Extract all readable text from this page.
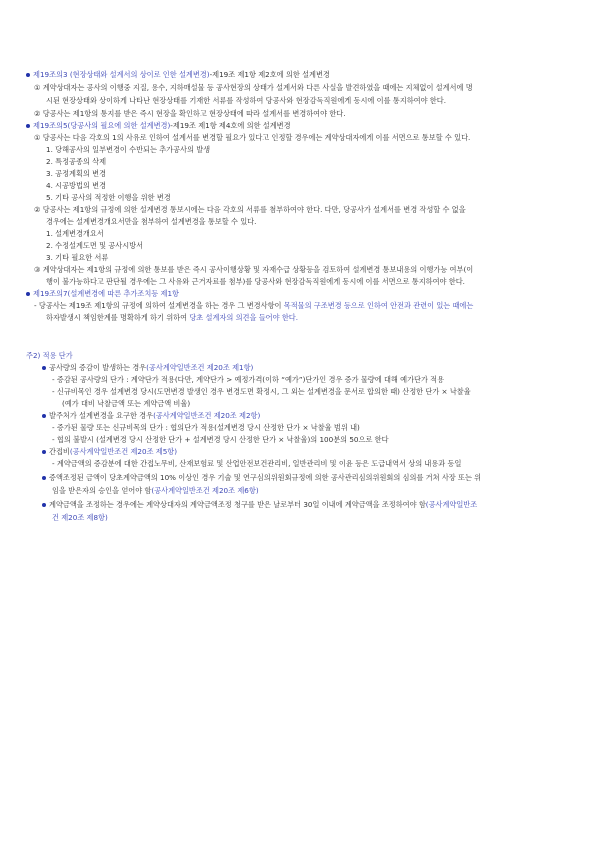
제19조의3 (현장상태와 설계서의 상이로 인한 설계변경)-제19조 제1항 제2호에 의한 설계변경
① 계약상대자는 공사의 이행중 지질, 용수, 지하매설물 등 공사현장의 상태가 설계서와 다른 사실을 발견하였을 때에는 지체없이 설계서에 명
시된 현장상태와 상이하게 나타난 현장상태를 기재한 서류를 작성하여 당공사와 현장감독직원에게 동시에 이를 통지하여야 한다.
② 당공사는 제1항의 통지를 받은 즉시 현장을 확인하고 현장상태에 따라 설계서를 변경하여야 한다.
제19조의5(당공사의 필요에 의한 설계변경)-제19조 제1항 제4호에 의한 설계변경
① 당공사는 다음 각호의 1의 사유로 인하여 설계서를 변경할 필요가 있다고 인정할 경우에는 계약상대자에게 이를 서면으로 통보할 수 있다.
1. 당해공사의 일부변경이 수반되는 추가공사의 발생
2. 특정공종의 삭제
3. 공정계획의 변경
4. 시공방법의 변경
5. 기타 공사의 적정한 이행을 위한 변경
② 당공사는 제1항의 규정에 의한 설계변경 통보시에는 다음 각호의 서류를 첨부하여야 한다. 다만, 당공사가 설계서를 변경 작성할 수 없을
경우에는 설계변경개요서만을 첨부하여 설계변경을 통보할 수 있다.
1. 설계변경개요서
2. 수정설계도면 및 공사시방서
3. 기타 필요한 서류
③ 계약상대자는 제1항의 규정에 의한 통보를 받은 즉시 공사이행상황 및 자재수급 상황등을 검토하여 설계변경 통보내용의 이행가능 여부(이
행이 불가능하다고 판단될 경우에는 그 사유와 근거자료를 첨부)를 당공사와 현장감독직원에게 동시에 이를 서면으로 통지하여야 한다.
제19조의7(설계변경에 따른 추가조치등 제1항
- 당공사는 제19조 제1항의 규정에 의하여 설계변경을 하는 경우 그 변경사항이 목적물의 구조변경 등으로 인하여 안전과 관련이 있는 때에는
하자발생시 책임한계를 명확하게 하기 위하여 당초 설계자의 의견을 들어야 한다.
주2) 적용 단가
공사량의 증감이 발생하는 경우(공사계약일반조건 제20조 제1항)
- 증감된 공사량의 단가 : 계약단가 적용(다만, 계약단가 > 예정가격(이하 “예가”)단가인 경우 증가 물량에 대해 예가단가 적용
- 신규비목인 경우 설계변경 당시(도면변경 발생인 경우 변경도면 확정시, 그 외는 설계변경을 문서로 합의한 때) 산정한 단가 × 낙찰율
(예가 대비 낙찰금액 또는 계약금액 비율)
발주처가 설계변경을 요구한 경우(공사계약일반조건 제20조 제2항)
- 증가된 물량 또는 신규비목의 단가 : 협의단가 적용(설계변경 당시 산정한 단가 × 낙찰율 범위 내)
- 협의 불발시 (설계변경 당시 산정한 단가 + 설계변경 당시 산정한 단가 × 낙찰율)의 100분의 50으로 한다
간접비(공사계약일반조건 제20조 제5항)
- 계약금액의 증감분에 대한 간접노무비, 산재보험료 및 산업안전보건관리비, 일반관리비 및 이윤 등은 도급내역서 상의 내용과 동일
증액조정된 금액이 당초계약금액의 10% 이상인 경우 기술 및 연구심의위원회규정에 의한 공사관리심의위원회의 심의를 거쳐 사장 또는 위
임을 받은자의 승인을 얻어야 함(공사계약일반조건 제20조 제6항)
계약금액을 조정하는 경우에는 계약상대자의 계약금액조정 청구를 받은 날로부터 30일 이내에 계약금액을 조정하여야 함(공사계약일반조
건 제20조 제8항)
